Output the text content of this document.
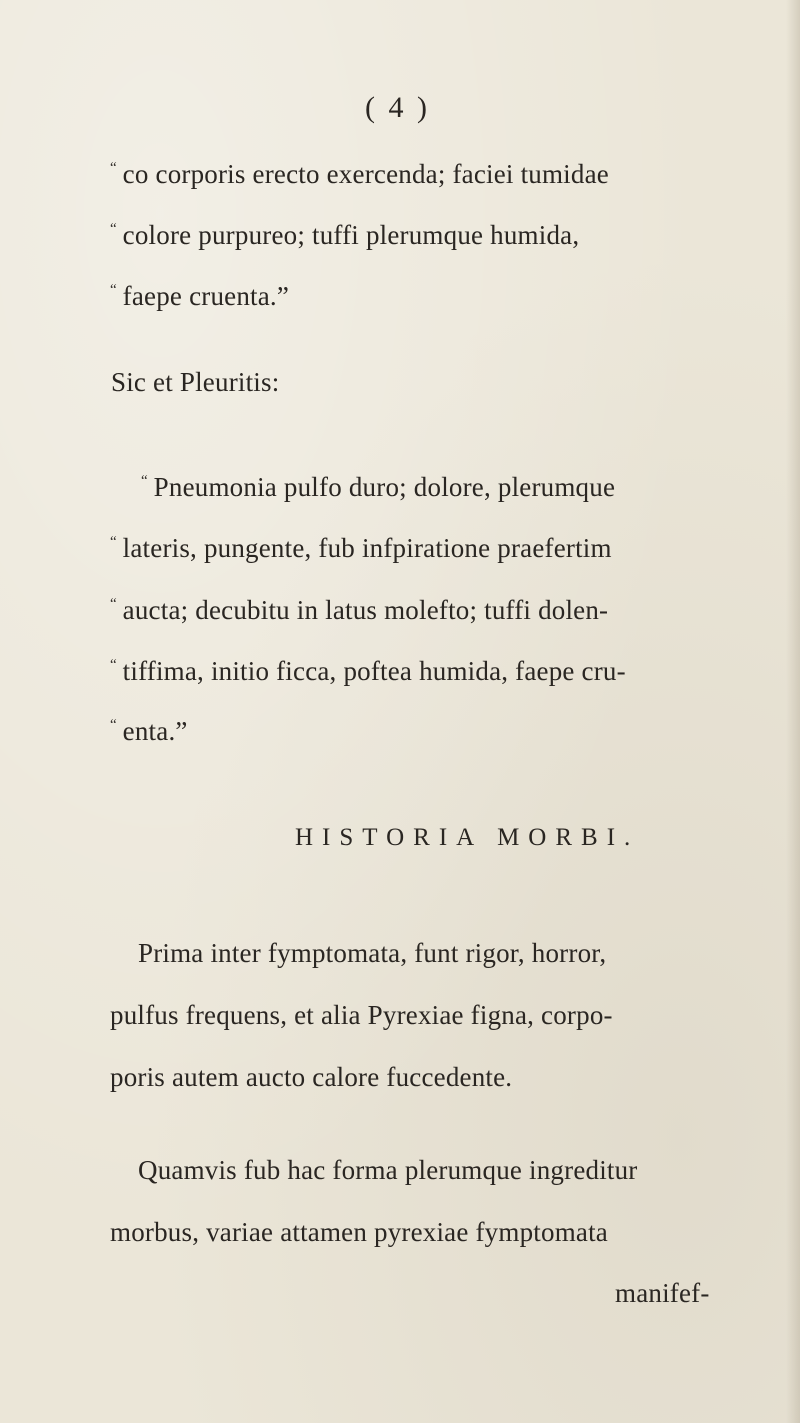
( 4 )
“ co corporis erecto exercenda; faciei tumidae
“ colore purpureo; tuffi plerumque humida,
“ faepe cruenta.”
Sic et Pleuritis:
“ Pneumonia pulfo duro; dolore, plerumque
“ lateris, pungente, fub infpiratione praefertim
“ aucta; decubitu in latus molefto; tuffi dolen-
“ tiffima, initio ficca, poftea humida, faepe cru-
“ enta.”
HISTORIA MORBI.
Prima inter fymptomata, funt rigor, horror,
pulfus frequens, et alia Pyrexiae figna, corpo-
poris autem aucto calore fuccedente.
Quamvis fub hac forma plerumque ingreditur
morbus, variae attamen pyrexiae fymptomata
manifef-
